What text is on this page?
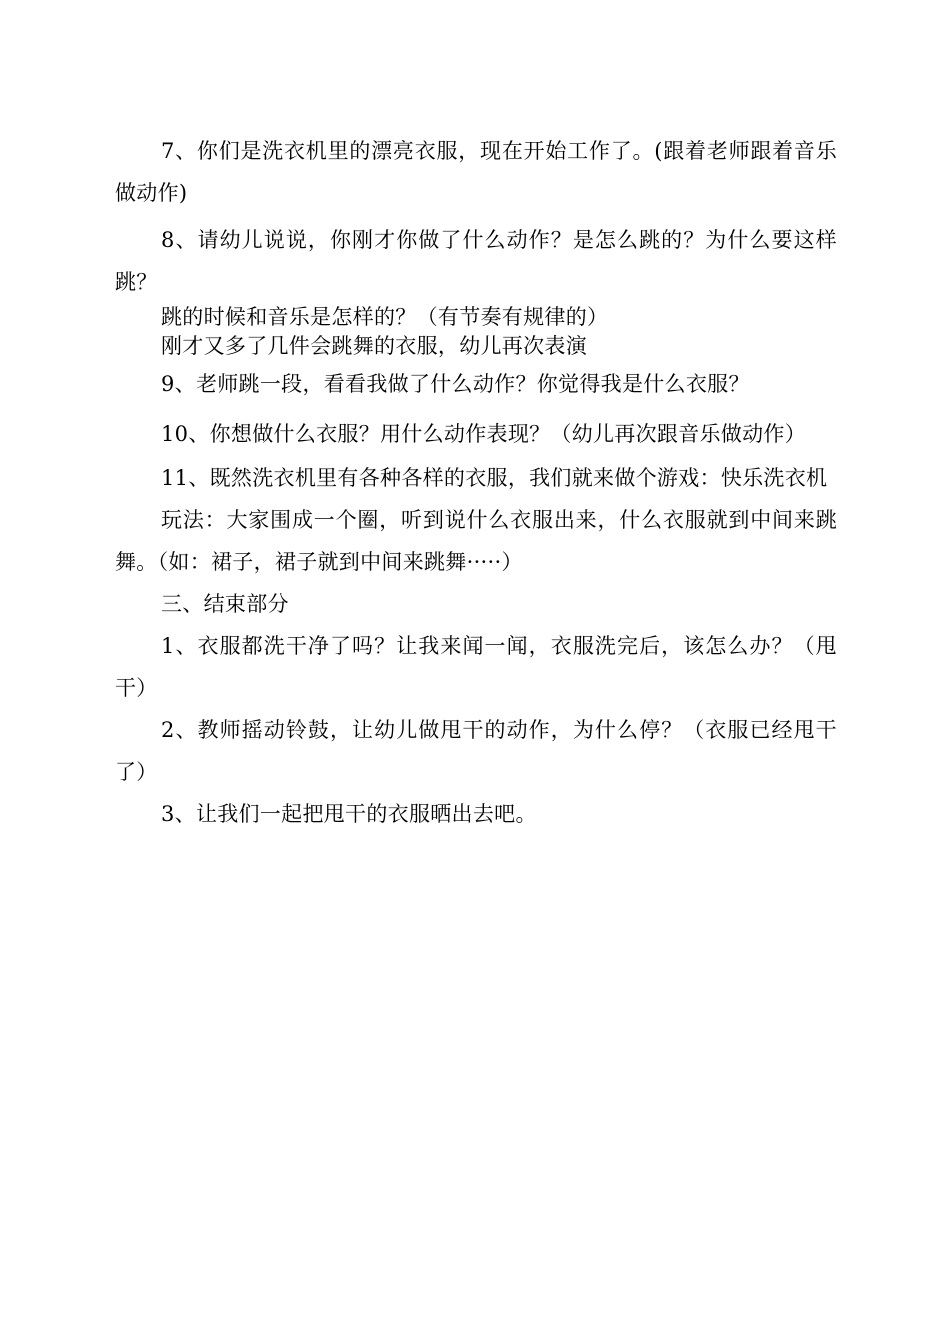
7、你们是洗衣机里的漂亮衣服，现在开始工作了。(跟着老师跟着音乐做动作)

8、请幼儿说说，你刚才你做了什么动作？是怎么跳的？为什么要这样跳？

跳的时候和音乐是怎样的？（有节奏有规律的）

刚才又多了几件会跳舞的衣服，幼儿再次表演

9、老师跳一段，看看我做了什么动作？你觉得我是什么衣服？

10、你想做什么衣服？用什么动作表现？（幼儿再次跟音乐做动作）

11、既然洗衣机里有各种各样的衣服，我们就来做个游戏：快乐洗衣机

玩法：大家围成一个圈，听到说什么衣服出来，什么衣服就到中间来跳舞。（如：裙子，裙子就到中间来跳舞·····）

三、结束部分

1、衣服都洗干净了吗？让我来闻一闻，衣服洗完后，该怎么办？（甩干）

2、教师摇动铃鼓，让幼儿做甩干的动作，为什么停？（衣服已经甩干了）

3、让我们一起把甩干的衣服晒出去吧。
